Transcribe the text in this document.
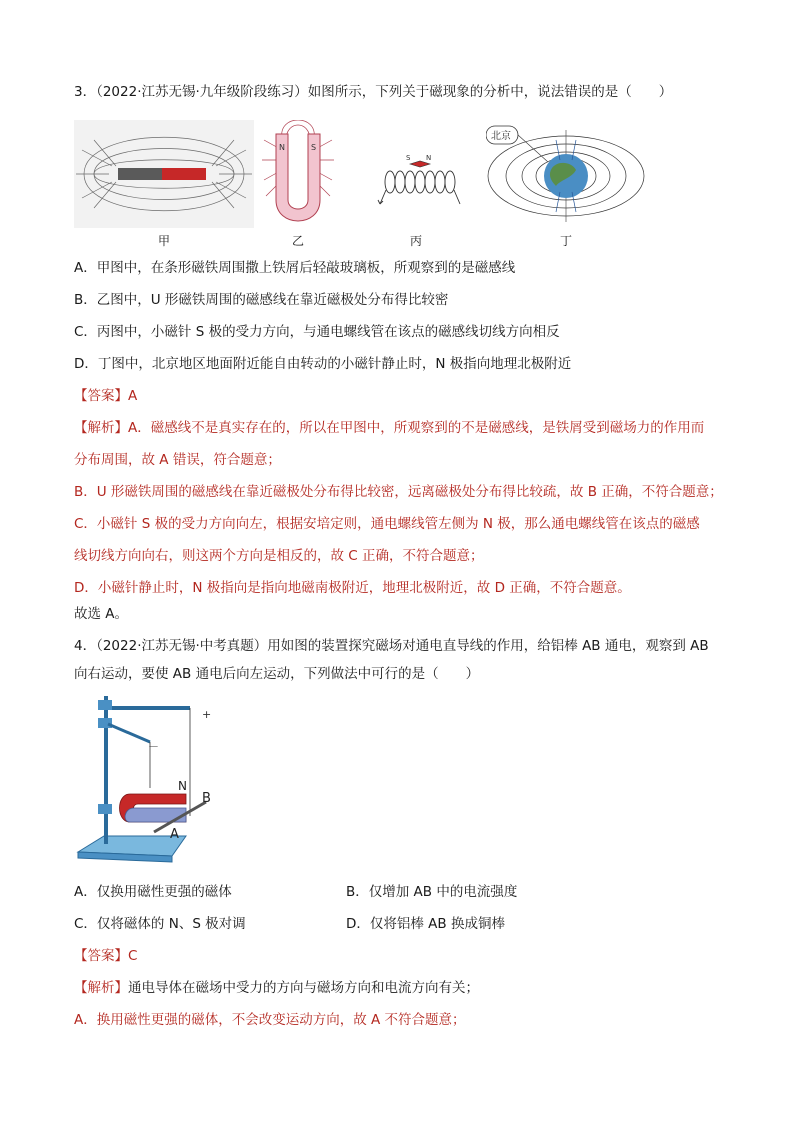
3．（2022·江苏无锡·九年级阶段练习）如图所示，下列关于磁现象的分析中，说法错误的是（　　）
甲
N	S
乙
S N
丙
北京
丁
A．甲图中，在条形磁铁周围撒上铁屑后轻敲玻璃板，所观察到的是磁感线
B．乙图中，U 形磁铁周围的磁感线在靠近磁极处分布得比较密
C．丙图中，小磁针 S 极的受力方向，与通电螺线管在该点的磁感线切线方向相反
D．丁图中，北京地区地面附近能自由转动的小磁针静止时，N 极指向地理北极附近
【答案】A
【解析】A．磁感线不是真实存在的，所以在甲图中，所观察到的不是磁感线，是铁屑受到磁场力的作用而
分布周围，故 A 错误，符合题意；
B．U 形磁铁周围的磁感线在靠近磁极处分布得比较密，远离磁极处分布得比较疏，故 B 正确，不符合题意；
C．小磁针 S 极的受力方向向左，根据安培定则，通电螺线管左侧为 N 极，那么通电螺线管在该点的磁感
线切线方向向右，则这两个方向是相反的，故 C 正确，不符合题意；
D．小磁针静止时，N 极指向是指向地磁南极附近，地理北极附近，故 D 正确，不符合题意。
故选 A。
4．（2022·江苏无锡·中考真题）用如图的装置探究磁场对通电直导线的作用，给铝棒 AB 通电，观察到 AB
向右运动，要使 AB 通电后向左运动，下列做法中可行的是（　　）
+
－
N
B
A
A．仅换用磁性更强的磁体	B．仅增加 AB 中的电流强度
C．仅将磁体的 N、S 极对调	D．仅将铝棒 AB 换成铜棒
【答案】C
【解析】通电导体在磁场中受力的方向与磁场方向和电流方向有关；
A．换用磁性更强的磁体，不会改变运动方向，故 A 不符合题意；
